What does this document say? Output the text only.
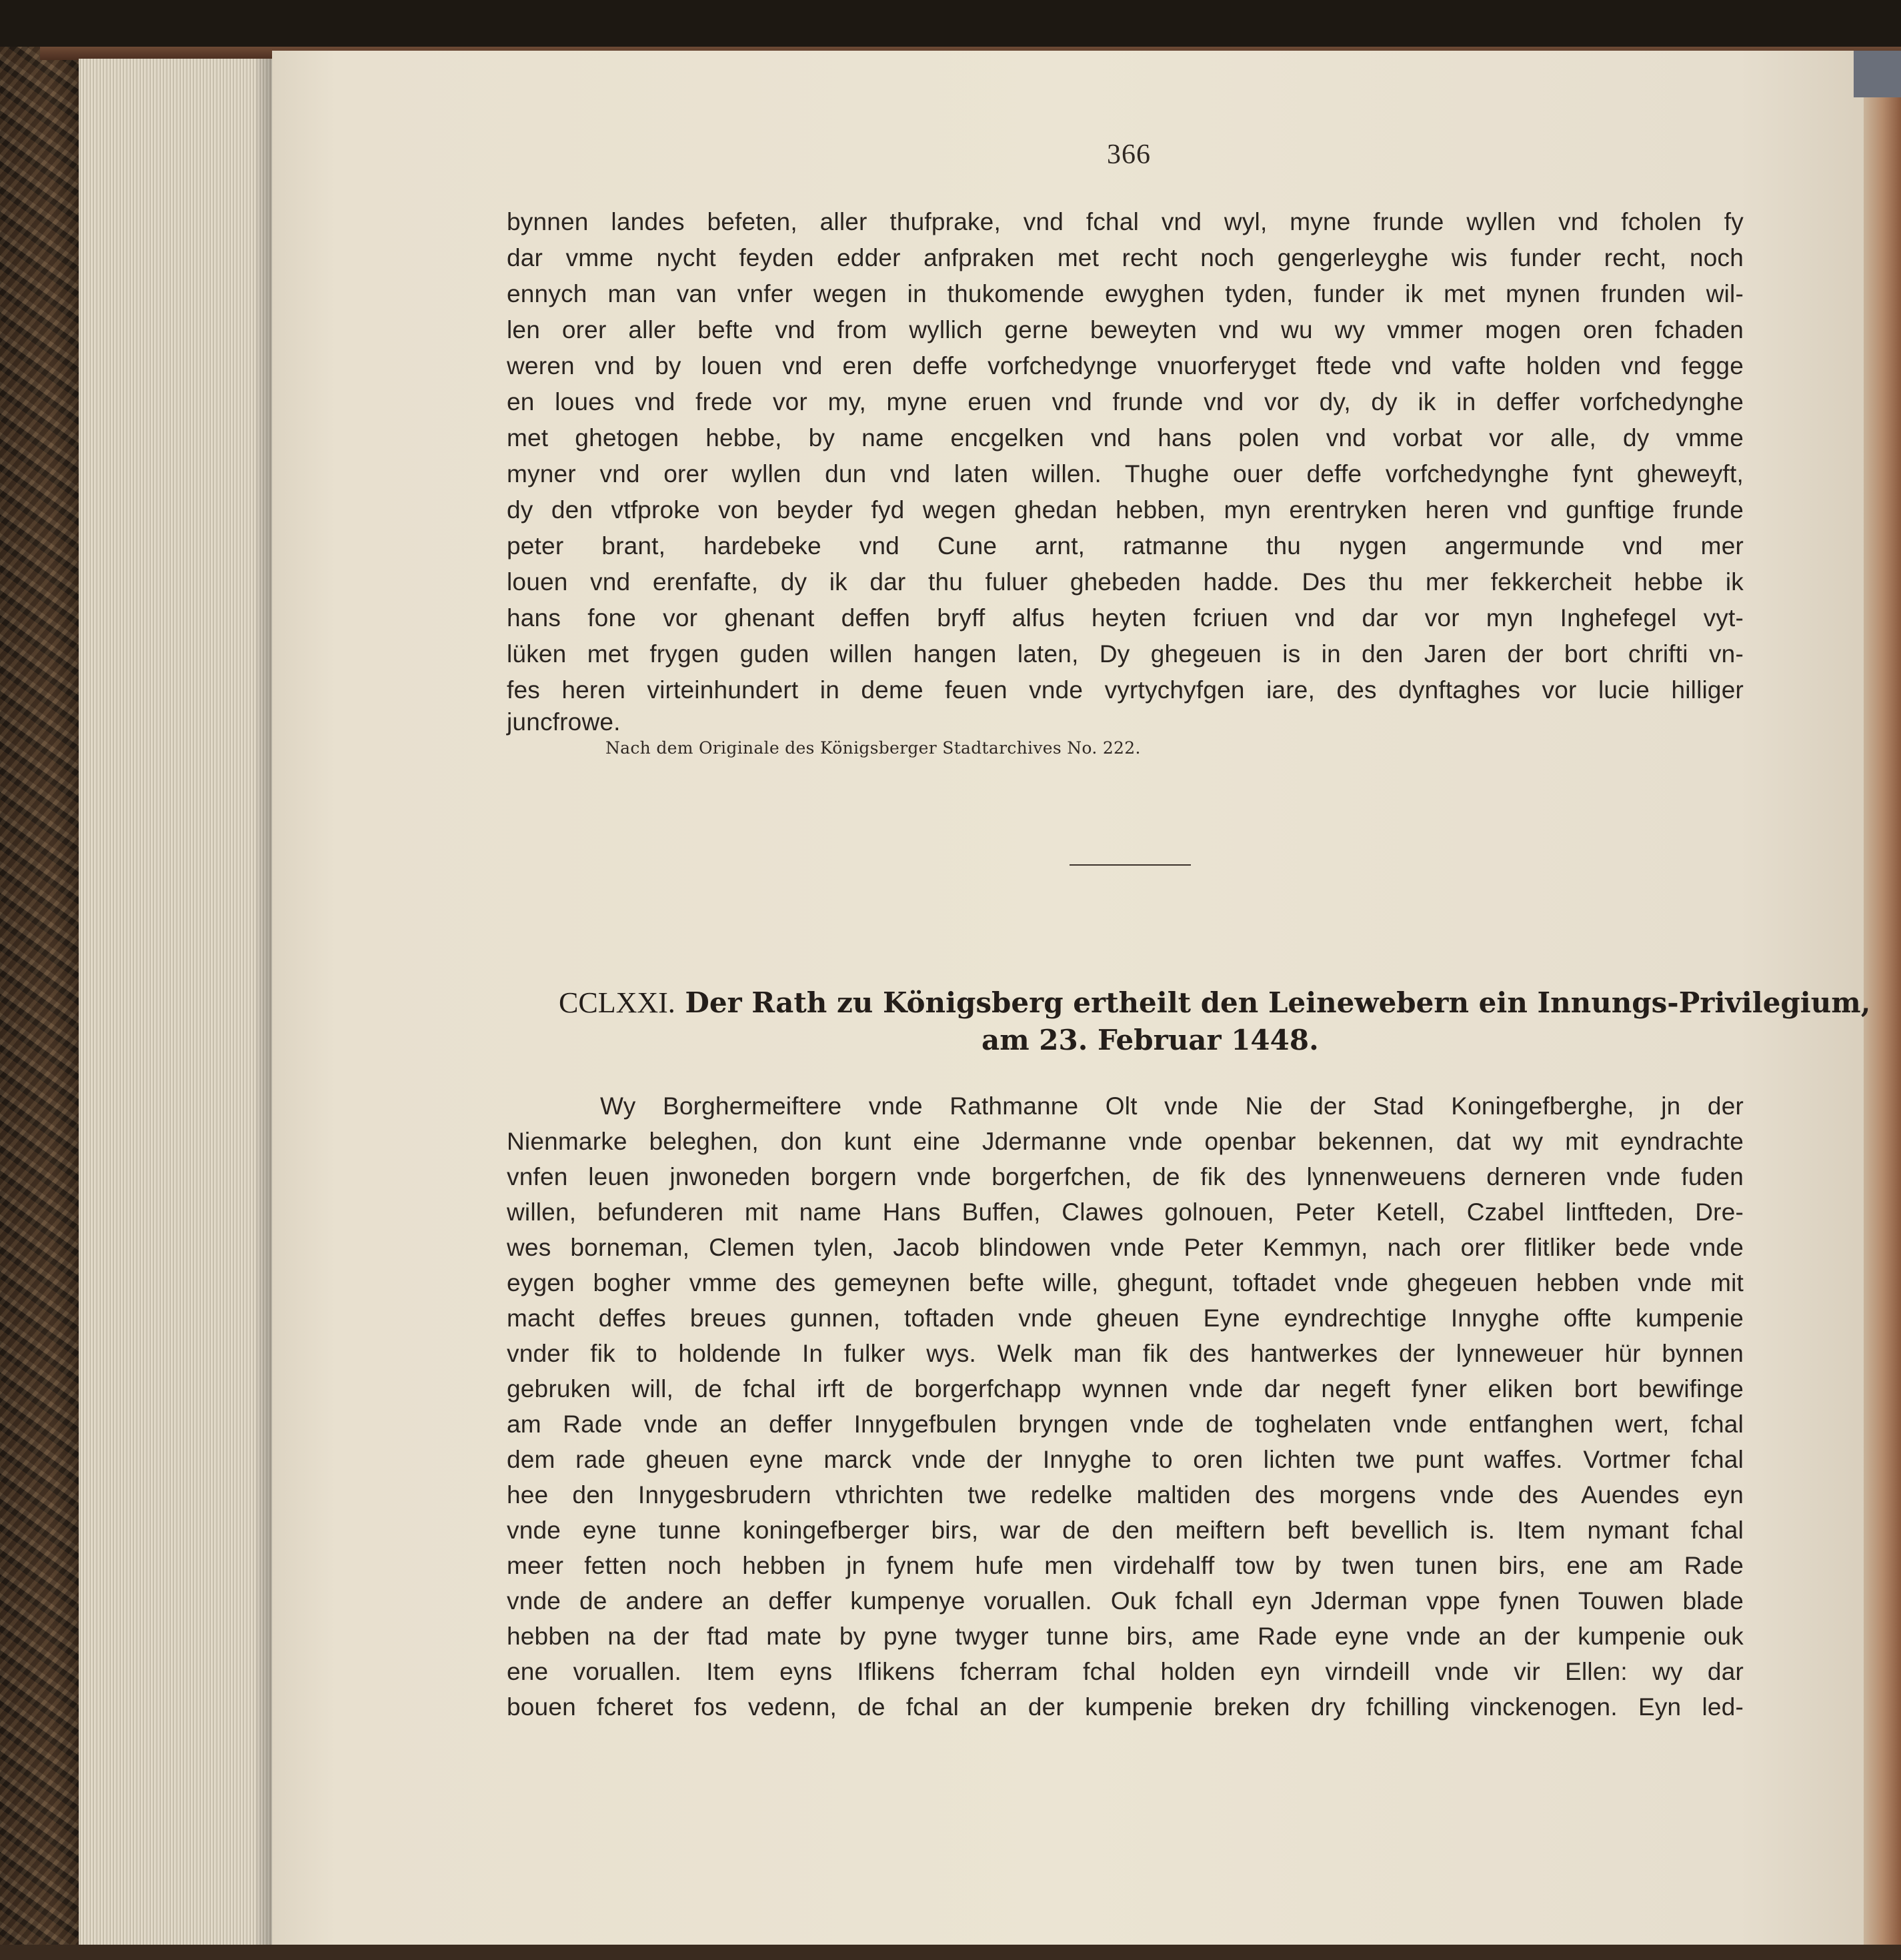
366
bynnen landes befeten, aller thufprake, vnd fchal vnd wyl, myne frunde wyllen vnd fcholen fy
dar vmme nycht feyden edder anfpraken met recht noch gengerleyghe wis funder recht, noch
ennych man van vnfer wegen in thukomende ewyghen tyden, funder ik met mynen frunden wil-
len orer aller befte vnd from wyllich gerne beweyten vnd wu wy vmmer mogen oren fchaden
weren vnd by louen vnd eren deffe vorfchedynge vnuorferyget ftede vnd vafte holden vnd fegge
en loues vnd frede vor my, myne eruen vnd frunde vnd vor dy, dy ik in deffer vorfchedynghe
met ghetogen hebbe, by name encgelken vnd hans polen vnd vorbat vor alle, dy vmme
myner vnd orer wyllen dun vnd laten willen. Thughe ouer deffe vorfchedynghe fynt gheweyft,
dy den vtfproke von beyder fyd wegen ghedan hebben, myn erentryken heren vnd gunftige frunde
peter brant, hardebeke vnd Cune arnt, ratmanne thu nygen angermunde vnd mer
louen vnd erenfafte, dy ik dar thu fuluer ghebeden hadde. Des thu mer fekkercheit hebbe ik
hans fone vor ghenant deffen bryff alfus heyten fcriuen vnd dar vor myn Inghefegel vyt-
lüken met frygen guden willen hangen laten, Dy ghegeuen is in den Jaren der bort chrifti vn-
fes heren virteinhundert in deme feuen vnde vyrtychyfgen iare, des dynftaghes vor lucie hilliger
juncfrowe.
Nach dem Originale des Königsberger Stadtarchives No. 222.
CCLXXI. Der Rath zu Königsberg ertheilt den Leinewebern ein Innungs-Privilegium,
am 23. Februar 1448.
Wy Borghermeiftere vnde Rathmanne Olt vnde Nie der Stad Koningefberghe, jn der
Nienmarke beleghen, don kunt eine Jdermanne vnde openbar bekennen, dat wy mit eyndrachte
vnfen leuen jnwoneden borgern vnde borgerfchen, de fik des lynnenweuens derneren vnde fuden
willen, befunderen mit name Hans Buffen, Clawes golnouen, Peter Ketell, Czabel lintfteden, Dre-
wes borneman, Clemen tylen, Jacob blindowen vnde Peter Kemmyn, nach orer flitliker bede vnde
eygen bogher vmme des gemeynen befte wille, ghegunt, toftadet vnde ghegeuen hebben vnde mit
macht deffes breues gunnen, toftaden vnde gheuen Eyne eyndrechtige Innyghe offte kumpenie
vnder fik to holdende In fulker wys. Welk man fik des hantwerkes der lynneweuer hür bynnen
gebruken will, de fchal irft de borgerfchapp wynnen vnde dar negeft fyner eliken bort bewifinge
am Rade vnde an deffer Innygefbulen bryngen vnde de toghelaten vnde entfanghen wert, fchal
dem rade gheuen eyne marck vnde der Innyghe to oren lichten twe punt waffes. Vortmer fchal
hee den Innygesbrudern vthrichten twe redelke maltiden des morgens vnde des Auendes eyn
vnde eyne tunne koningefberger birs, war de den meiftern beft bevellich is. Item nymant fchal
meer fetten noch hebben jn fynem hufe men virdehalff tow by twen tunen birs, ene am Rade
vnde de andere an deffer kumpenye voruallen. Ouk fchall eyn Jderman vppe fynen Touwen blade
hebben na der ftad mate by pyne twyger tunne birs, ame Rade eyne vnde an der kumpenie ouk
ene voruallen. Item eyns Iflikens fcherram fchal holden eyn virndeill vnde vir Ellen: wy dar
bouen fcheret fos vedenn, de fchal an der kumpenie breken dry fchilling vinckenogen. Eyn led-
